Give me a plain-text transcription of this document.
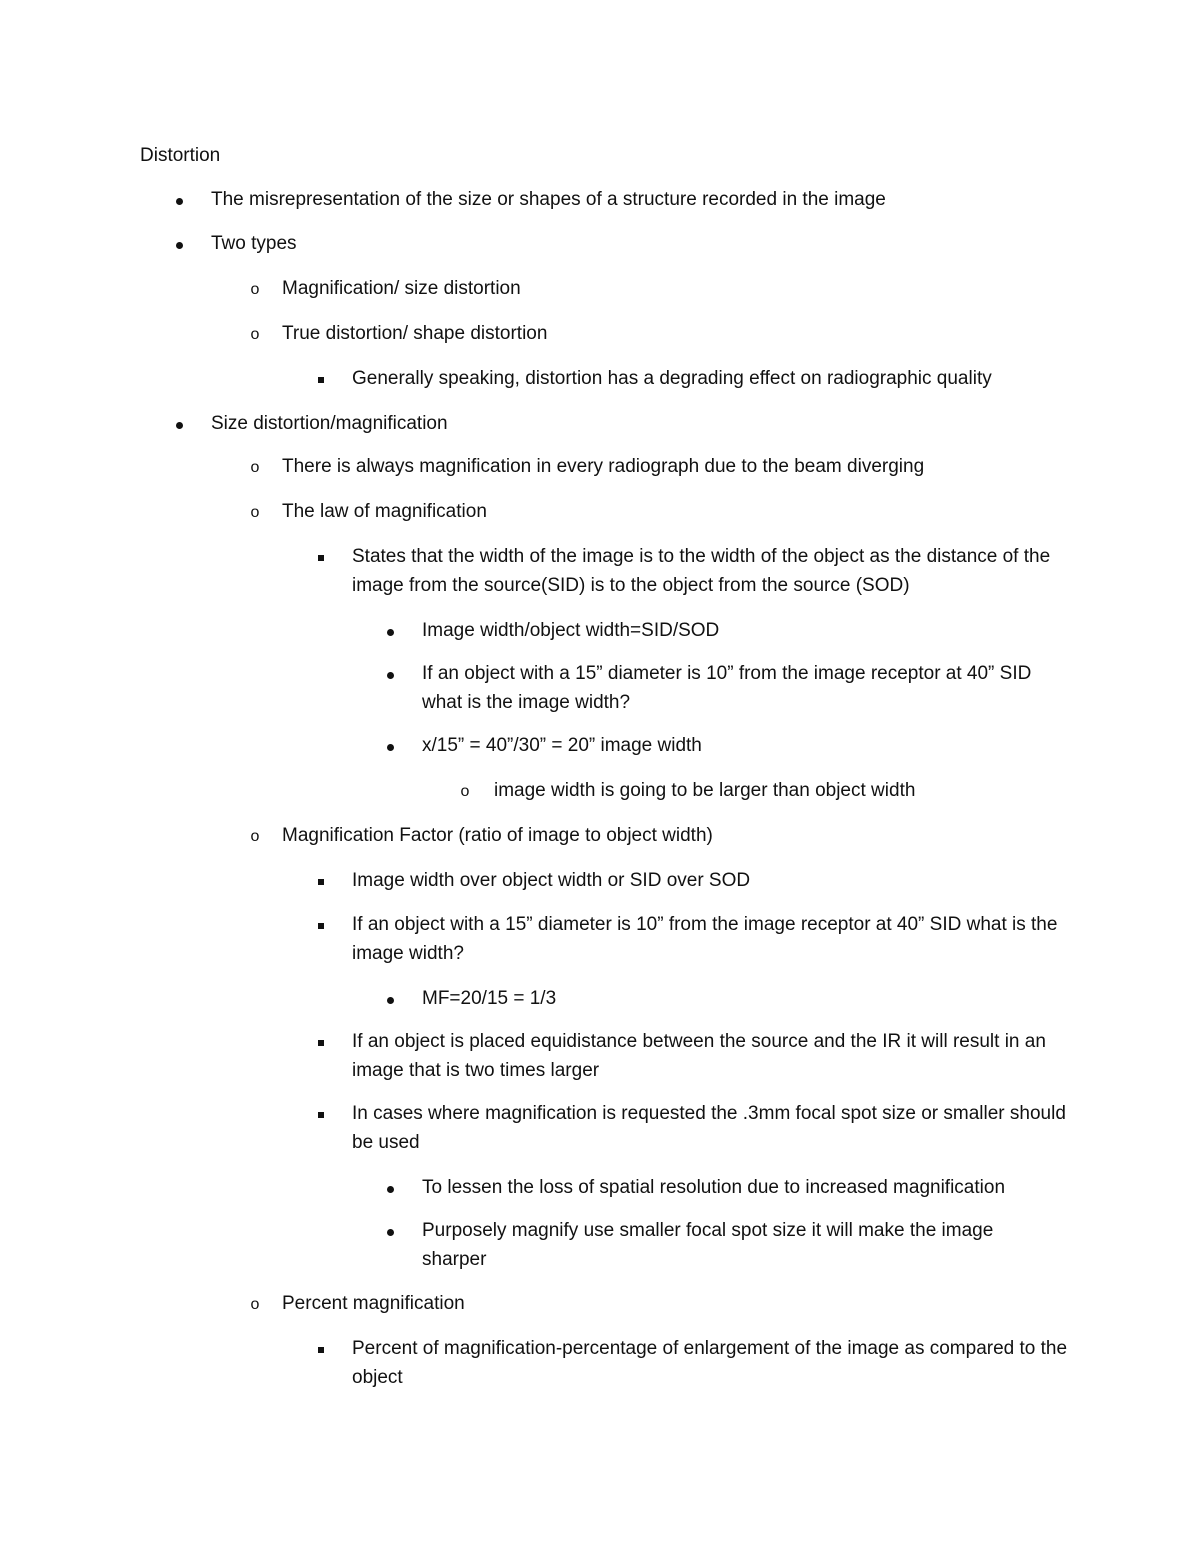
Distortion
The misrepresentation of the size or shapes of a structure recorded in the image
Two types
o Magnification/ size distortion
o True distortion/ shape distortion
Generally speaking, distortion has a degrading effect on radiographic quality
Size distortion/magnification
o There is always magnification in every radiograph due to the beam diverging
o The law of magnification
States that the width of the image is to the width of the object as the distance of the image from the source(SID) is to the object from the source (SOD)
Image width/object width=SID/SOD
If an object with a 15” diameter is 10” from the image receptor at 40” SID what is the image width?
x/15” = 40”/30” = 20” image width
o image width is going to be larger than object width
o Magnification Factor (ratio of image to object width)
Image width over object width or SID over SOD
If an object with a 15” diameter is 10” from the image receptor at 40” SID what is the image width?
MF=20/15 = 1/3
If an object is placed equidistance between the source and the IR it will result in an image that is two times larger
In cases where magnification is requested the .3mm focal spot size or smaller should be used
To lessen the loss of spatial resolution due to increased magnification
Purposely magnify use smaller focal spot size it will make the image sharper
o Percent magnification
Percent of magnification-percentage of enlargement of the image as compared to the object
